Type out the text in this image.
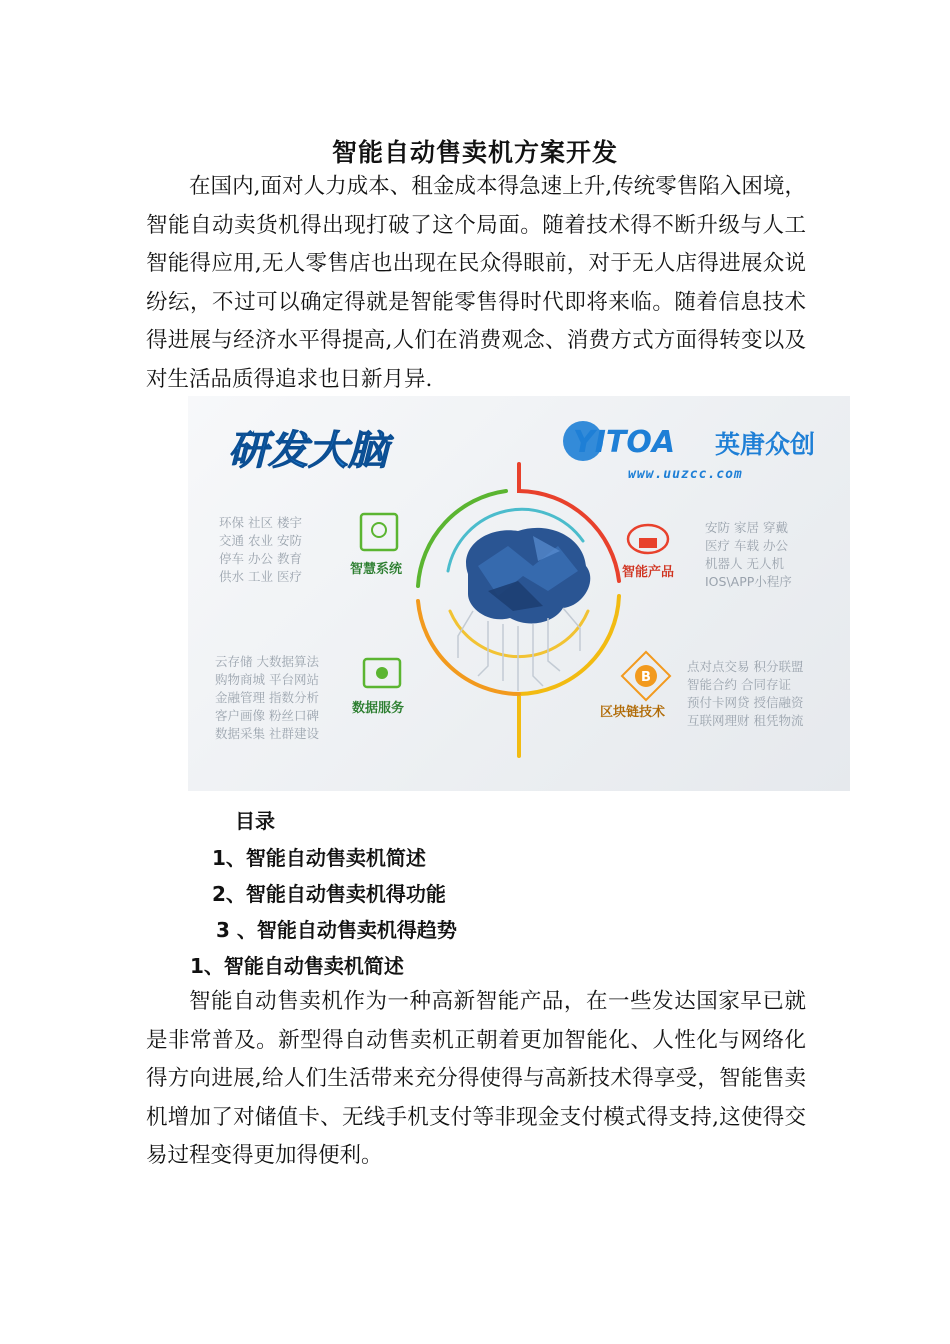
智能自动售卖机方案开发

在国内,面对人力成本、租金成本得急速上升,传统零售陷入困境，智能自动卖货机得出现打破了这个局面。随着技术得不断升级与人工智能得应用,无人零售店也出现在民众得眼前，对于无人店得进展众说纷纭，不过可以确定得就是智能零售得时代即将来临。随着信息技术得进展与经济水平得提高,人们在消费观念、消费方式方面得转变以及对生活品质得追求也日新月异.

研发大脑	YITOA 英唐众创
www.uuzcc.com
智慧系统	智能产品
数据服务
B
区块链技术
环保 社区 楼宇
交通 农业 安防
停车 办公 教育
供水 工业 医疗
安防 家居 穿戴
医疗 车载 办公
机器人 无人机
IOS\APP小程序
云存储 大数据算法
购物商城 平台网站
金融管理 指数分析
客户画像 粉丝口碑
数据采集 社群建设
点对点交易 积分联盟
智能合约 合同存证
预付卡网贷 授信融资
互联网理财 租凭物流
目录
1、智能自动售卖机简述
2、智能自动售卖机得功能
3 、智能自动售卖机得趋势
1、智能自动售卖机简述

智能自动售卖机作为一种高新智能产品，在一些发达国家早已就是非常普及。新型得自动售卖机正朝着更加智能化、人性化与网络化得方向进展,给人们生活带来充分得使得与高新技术得享受，智能售卖机增加了对储值卡、无线手机支付等非现金支付模式得支持,这使得交易过程变得更加得便利。
